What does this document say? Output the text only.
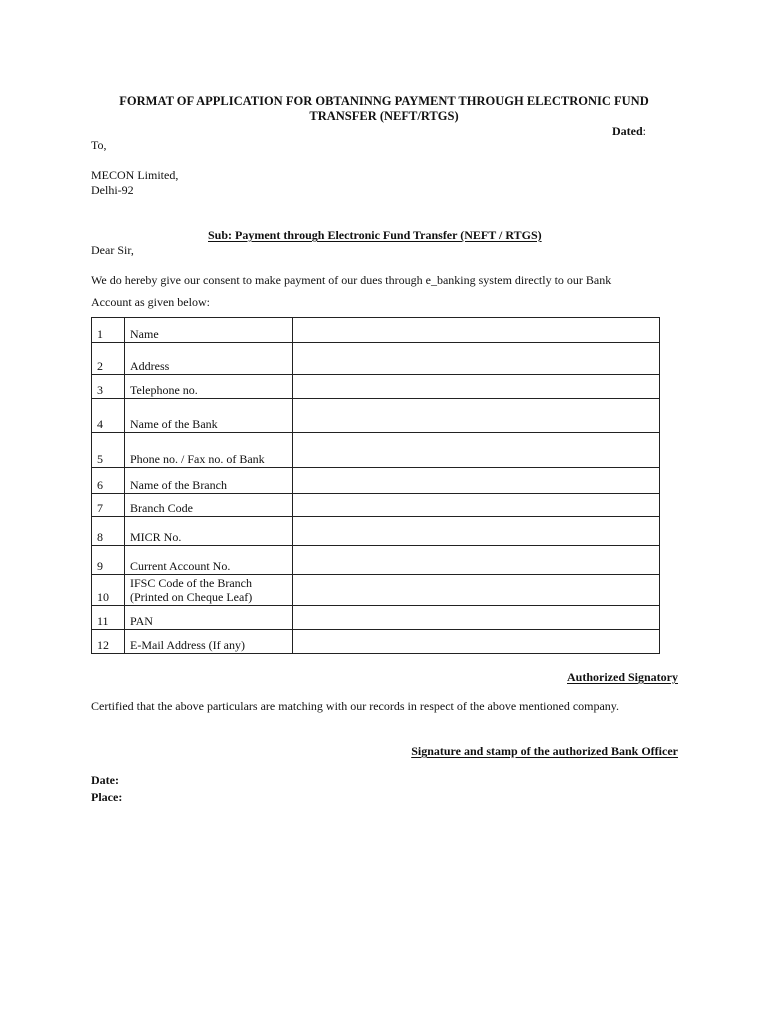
FORMAT OF APPLICATION FOR OBTANINNG PAYMENT THROUGH ELECTRONIC FUND
TRANSFER (NEFT/RTGS)
Dated:
To,
MECON Limited,
Delhi-92
Sub: Payment through Electronic Fund Transfer (NEFT / RTGS)
Dear Sir,
We do hereby give our consent to make payment of our dues through e_banking system directly to our Bank
Account as given below:
1	Name	
2	Address	
3	Telephone no.	
4	Name of the Bank	
5	Phone no. / Fax no. of Bank	
6	Name of the Branch	
7	Branch Code	
8	MICR No.	
9	Current Account No.	
10	IFSC Code of the Branch
(Printed on Cheque Leaf)	

11	PAN	
12	E-Mail Address (If any)	
Authorized Signatory
Certified that the above particulars are matching with our records in respect of the above mentioned company.
Signature and stamp of the authorized Bank Officer
Date:
Place:
